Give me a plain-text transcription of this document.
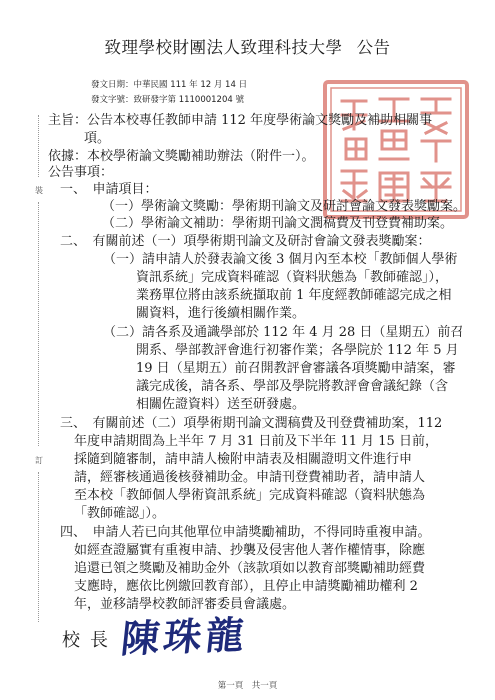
致理學校財團法人致理科技大學 公告
發文日期：中華民國 111 年 12 月 14 日
發文字號：致研發字第 1110001204 號
主旨：公告本校專任教師申請 112 年度學術論文獎勵及補助相關事
項。
依據：本校學術論文獎勵補助辦法（附件一）。
公告事項：
裝
訂
一、　申請項目：
（一）學術論文獎勵：學術期刊論文及研討會論文發表獎勵案。
（二）學術論文補助：學術期刊論文潤稿費及刊登費補助案。
二、　有關前述（一）項學術期刊論文及研討會論文發表獎勵案：
（一）請申請人於發表論文後 3 個月內至本校「教師個人學術
資訊系統」完成資料確認（資料狀態為「教師確認」），
業務單位將由該系統擷取前 1 年度經教師確認完成之相
關資料，進行後續相關作業。
（二）請各系及通識學部於 112 年 4 月 28 日（星期五）前召
開系、學部教評會進行初審作業；各學院於 112 年 5 月
19 日（星期五）前召開教評會審議各項獎勵申請案，審
議完成後，請各系、學部及學院將教評會會議紀錄（含
相關佐證資料）送至研發處。
三、　有關前述（二）項學術期刊論文潤稿費及刊登費補助案，112
年度申請期間為上半年 7 月 31 日前及下半年 11 月 15 日前，
採隨到隨審制，請申請人檢附申請表及相關證明文件進行申
請，經審核通過後核發補助金。申請刊登費補助者，請申請人
至本校「教師個人學術資訊系統」完成資料確認（資料狀態為
「教師確認」）。
四、　申請人若已向其他單位申請獎勵補助，不得同時重複申請。
如經查證屬實有重複申請、抄襲及侵害他人著作權情事，除應
追還已領之獎勵及補助金外（該款項如以教育部獎勵補助經費
支應時，應依比例繳回教育部），且停止申請獎勵補助權利 2
年，並移請學校教師評審委員會議處。
校長 陳珠龍
第一頁　共一頁
